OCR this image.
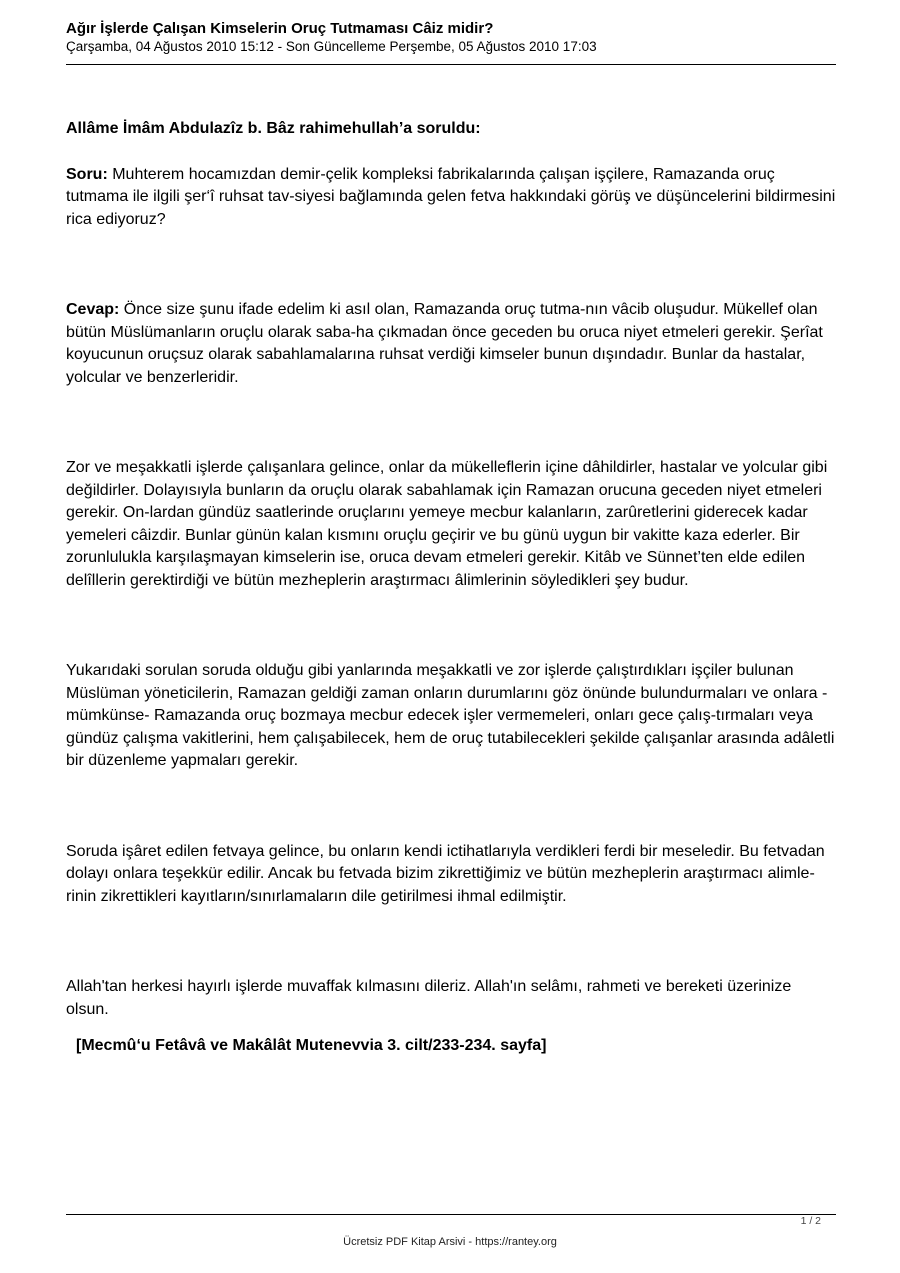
Ağır İşlerde Çalışan Kimselerin Oruç Tutmaması Câiz midir?

Çarşamba, 04 Ağustos 2010 15:12 - Son Güncelleme Perşembe, 05 Ağustos 2010 17:03

Allâme İmâm Abdulazîz b. Bâz rahimehullah’a soruldu:

Soru: Muhterem hocamızdan demir-çelik kompleksi fabrikalarında çalışan işçilere, Ramazanda oruç tutmama ile ilgili şer‘î ruhsat tav-siyesi bağlamında gelen fetva hakkındaki görüş ve düşüncelerini bildirmesini rica ediyoruz?

Cevap: Önce size şunu ifade edelim ki asıl olan, Ramazanda oruç tutma-nın vâcib oluşudur. Mükellef olan bütün Müslümanların oruçlu olarak saba-ha çıkmadan önce geceden bu oruca niyet etmeleri gerekir. Şerîat koyucunun oruçsuz olarak sabahlamalarına ruhsat verdiği kimseler bunun dışındadır. Bunlar da hastalar, yolcular ve benzerleridir.

Zor ve meşakkatli işlerde çalışanlara gelince, onlar da mükelleflerin içine dâhildirler, hastalar ve yolcular gibi değildirler. Dolayısıyla bunların da oruçlu olarak sabahlamak için Ramazan orucuna geceden niyet etmeleri gerekir. On-lardan gündüz saatlerinde oruçlarını yemeye mecbur kalanların, zarûretlerini giderecek kadar yemeleri câizdir. Bunlar günün kalan kısmını oruçlu geçirir ve bu günü uygun bir vakitte kaza ederler. Bir zorunlulukla karşılaşmayan kimselerin ise, oruca devam etmeleri gerekir. Kitâb ve Sünnet’ten elde edilen delîllerin gerektirdiği ve bütün mezheplerin araştırmacı âlimlerinin söyledikleri şey budur.

Yukarıdaki sorulan soruda olduğu gibi yanlarında meşakkatli ve zor işlerde çalıştırdıkları işçiler bulunan Müslüman yöneticilerin, Ramazan geldiği zaman onların durumlarını göz önünde bulundurmaları ve onlara -mümkünse- Ramazanda oruç bozmaya mecbur edecek işler vermemeleri, onları gece çalış-tırmaları veya gündüz çalışma vakitlerini, hem çalışabilecek, hem de oruç tutabilecekleri şekilde çalışanlar arasında adâletli bir düzenleme yapmaları gerekir.

Soruda işâret edilen fetvaya gelince, bu onların kendi ictihatlarıyla verdikleri ferdi bir meseledir. Bu fetvadan dolayı onlara teşekkür edilir. Ancak bu fetvada bizim zikrettiğimiz ve bütün mezheplerin araştırmacı alimle-rinin zikrettikleri kayıtların/sınırlamaların dile getirilmesi ihmal edilmiştir.

Allah'tan herkesi hayırlı işlerde muvaffak kılmasını dileriz. Allah'ın selâmı, rahmeti ve bereketi üzerinize olsun.

[Mecmû‘u Fetâvâ ve Makâlât Mutenevvia 3. cilt/233-234. sayfa]

1 / 2
Ücretsiz PDF Kitap Arsivi - https://rantey.org
